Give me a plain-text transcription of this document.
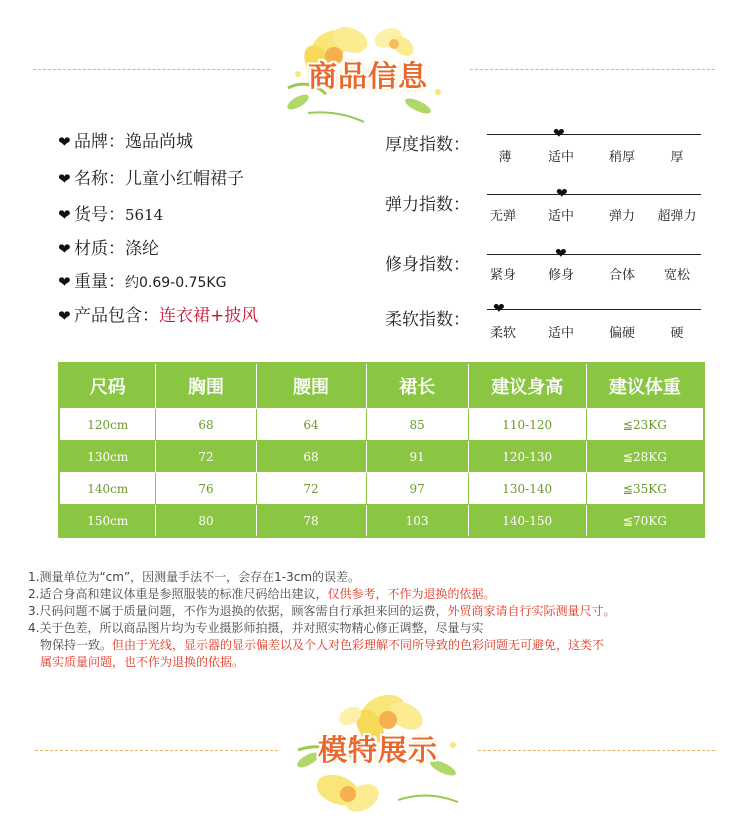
商品信息
❤ 品牌：逸品尚城
❤ 名称：儿童小红帽裙子
❤ 货号：5614
❤ 材质：涤纶
❤ 重量：约0.69-0.75KG
❤ 产品包含：连衣裙+披风
厚度指数：
❤
薄	适中	稍厚	厚
弹力指数：
❤
无弹	适中	弹力	超弹力
修身指数：
❤
紧身	修身	合体	宽松
柔软指数：
❤
柔软	适中	偏硬	硬
尺码	胸围	腰围	裙长	建议身高	建议体重
120cm	68	64	85	110-120	≦23KG
130cm	72	68	91	120-130	≦28KG
140cm	76	72	97	130-140	≦35KG
150cm	80	78	103	140-150	≦70KG
1.测量单位为“cm”，因测量手法不一，会存在1-3cm的误差。
2.适合身高和建议体重是参照服装的标准尺码给出建议，仅供参考，不作为退换的依据。
3.尺码问题不属于质量问题，不作为退换的依据，顾客需自行承担来回的运费，外贸商家请自行实际测量尺寸。
4.关于色差，所以商品图片均为专业摄影师拍摄，并对照实物精心修正调整，尽量与实
物保持一致。但由于光线，显示器的显示偏差以及个人对色彩理解不同所导致的色彩问题无可避免，这类不
属实质量问题，也不作为退换的依据。
模特展示
